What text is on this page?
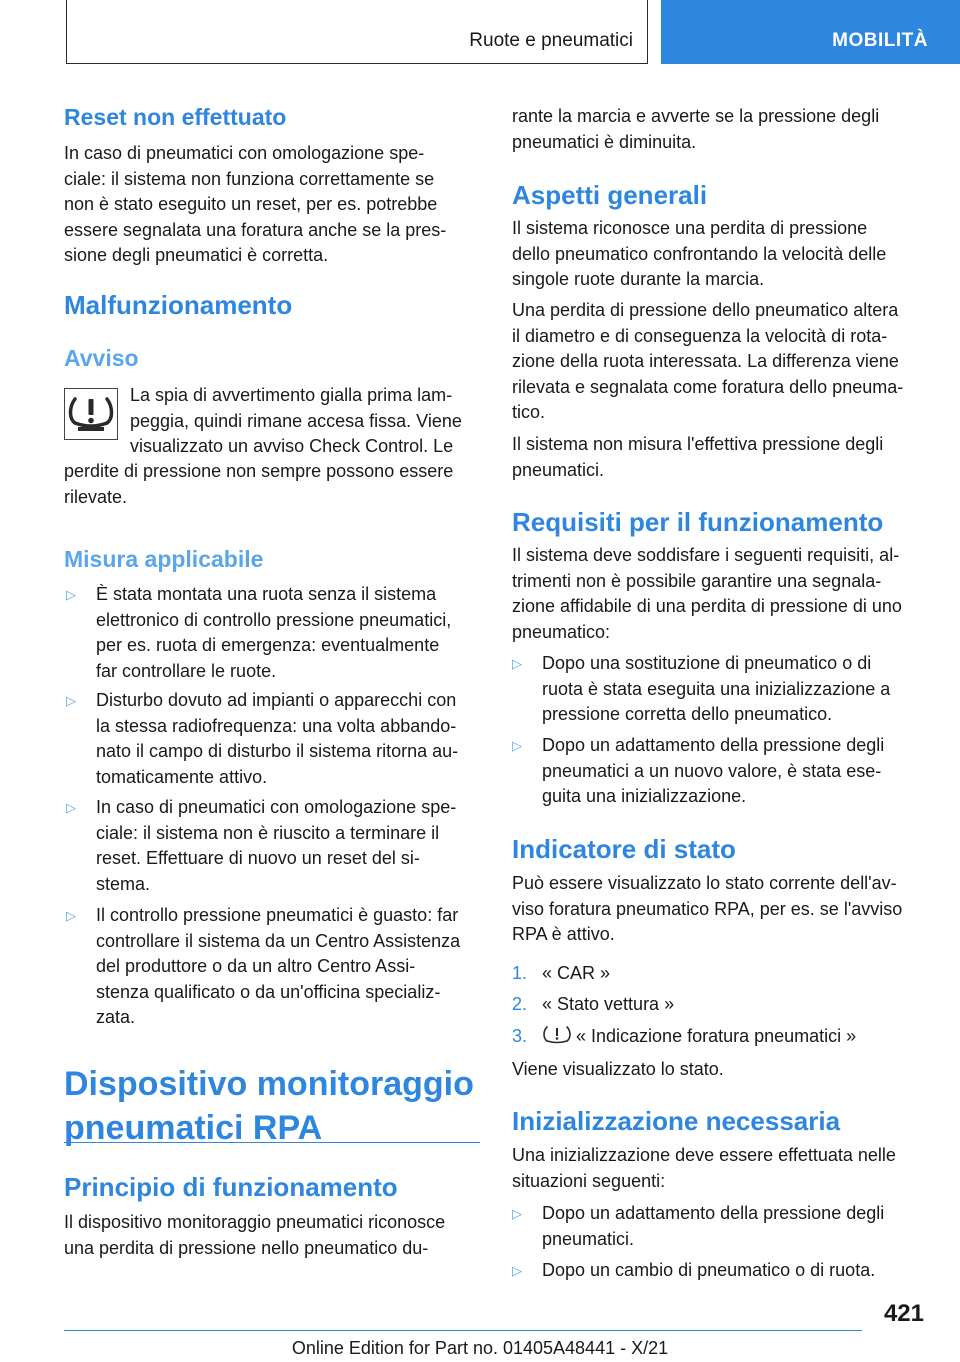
Ruote e pneumatici	MOBILITÀ
Reset non effettuato
In caso di pneumatici con omologazione spe-
ciale: il sistema non funziona correttamente se
non è stato eseguito un reset, per es. potrebbe
essere segnalata una foratura anche se la pres-
sione degli pneumatici è corretta.
Malfunzionamento
Avviso
La spia di avvertimento gialla prima lam-
peggia, quindi rimane accesa fissa. Viene
visualizzato un avviso Check Control. Le
perdite di pressione non sempre possono essere
rilevate.
Misura applicabile
▷ È stata montata una ruota senza il sistema
elettronico di controllo pressione pneumatici,
per es. ruota di emergenza: eventualmente
far controllare le ruote.
▷ Disturbo dovuto ad impianti o apparecchi con
la stessa radiofrequenza: una volta abbando-
nato il campo di disturbo il sistema ritorna au-
tomaticamente attivo.
▷ In caso di pneumatici con omologazione spe-
ciale: il sistema non è riuscito a terminare il
reset. Effettuare di nuovo un reset del si-
stema.
▷ Il controllo pressione pneumatici è guasto: far
controllare il sistema da un Centro Assistenza
del produttore o da un altro Centro Assi-
stenza qualificato o da un'officina specializ-
zata.
Dispositivo monitoraggio
pneumatici RPA
Principio di funzionamento
Il dispositivo monitoraggio pneumatici riconosce
una perdita di pressione nello pneumatico du-
rante la marcia e avverte se la pressione degli
pneumatici è diminuita.
Aspetti generali
Il sistema riconosce una perdita di pressione
dello pneumatico confrontando la velocità delle
singole ruote durante la marcia.
Una perdita di pressione dello pneumatico altera
il diametro e di conseguenza la velocità di rota-
zione della ruota interessata. La differenza viene
rilevata e segnalata come foratura dello pneuma-
tico.
Il sistema non misura l'effettiva pressione degli
pneumatici.
Requisiti per il funzionamento
Il sistema deve soddisfare i seguenti requisiti, al-
trimenti non è possibile garantire una segnala-
zione affidabile di una perdita di pressione di uno
pneumatico:
▷ Dopo una sostituzione di pneumatico o di
ruota è stata eseguita una inizializzazione a
pressione corretta dello pneumatico.
▷ Dopo un adattamento della pressione degli
pneumatici a un nuovo valore, è stata ese-
guita una inizializzazione.
Indicatore di stato
Può essere visualizzato lo stato corrente dell'av-
viso foratura pneumatico RPA, per es. se l'avviso
RPA è attivo.
1. « CAR »
2. « Stato vettura »
3.	« Indicazione foratura pneumatici »
Viene visualizzato lo stato.
Inizializzazione necessaria
Una inizializzazione deve essere effettuata nelle
situazioni seguenti:
▷ Dopo un adattamento della pressione degli
pneumatici.
▷ Dopo un cambio di pneumatico o di ruota.
421
Online Edition for Part no. 01405A48441 - X/21
